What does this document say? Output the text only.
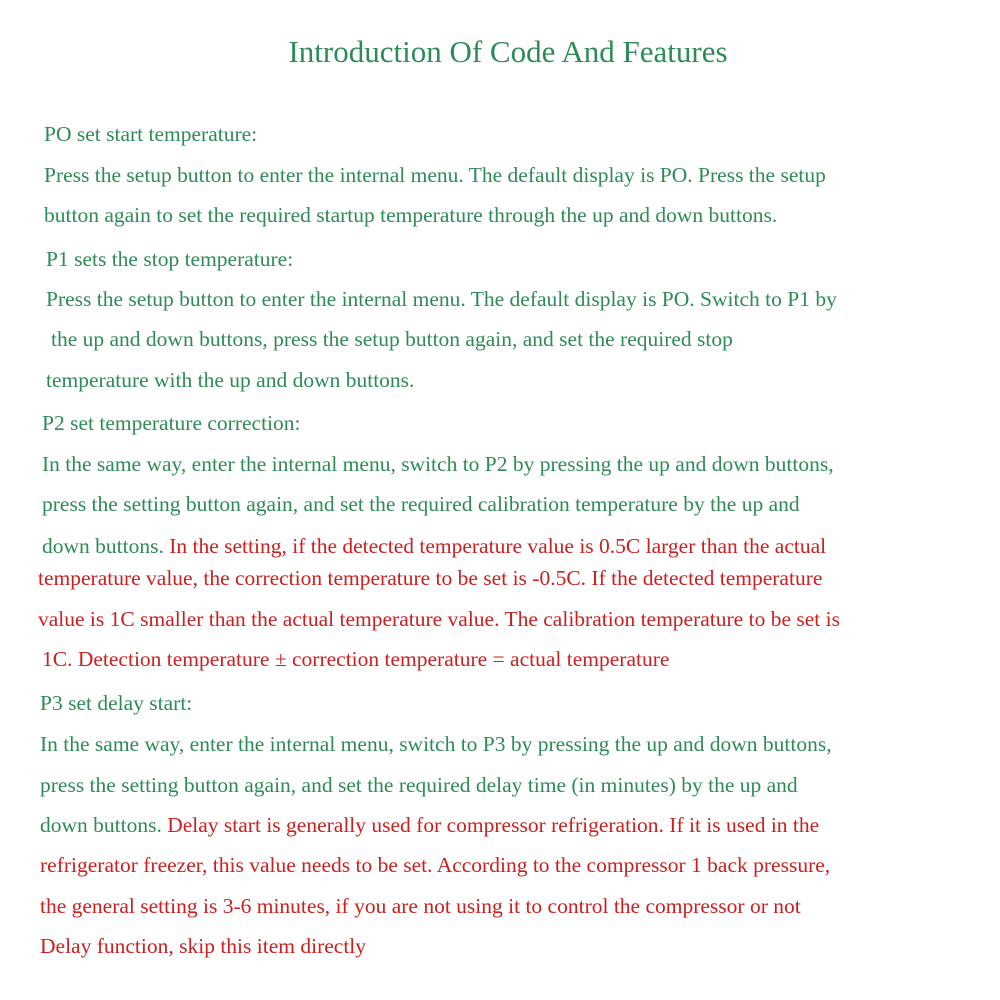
Introduction Of Code And Features
PO set start temperature:
Press the setup button to enter the internal menu. The default display is PO. Press the setup
button again to set the required startup temperature through the up and down buttons.
P1 sets the stop temperature:
Press the setup button to enter the internal menu. The default display is PO. Switch to P1 by
the up and down buttons, press the setup button again, and set the required stop
temperature with the up and down buttons.
P2 set temperature correction:
In the same way, enter the internal menu, switch to P2 by pressing the up and down buttons,
press the setting button again, and set the required calibration temperature by the up and
down buttons. In the setting, if the detected temperature value is 0.5C larger than the actual
temperature value, the correction temperature to be set is -0.5C. If the detected temperature
value is 1C smaller than the actual temperature value. The calibration temperature to be set is
1C. Detection temperature ± correction temperature = actual temperature
P3 set delay start:
In the same way, enter the internal menu, switch to P3 by pressing the up and down buttons,
press the setting button again, and set the required delay time (in minutes) by the up and
down buttons. Delay start is generally used for compressor refrigeration. If it is used in the
refrigerator freezer, this value needs to be set. According to the compressor 1 back pressure,
the general setting is 3-6 minutes, if you are not using it to control the compressor or not
Delay function, skip this item directly
